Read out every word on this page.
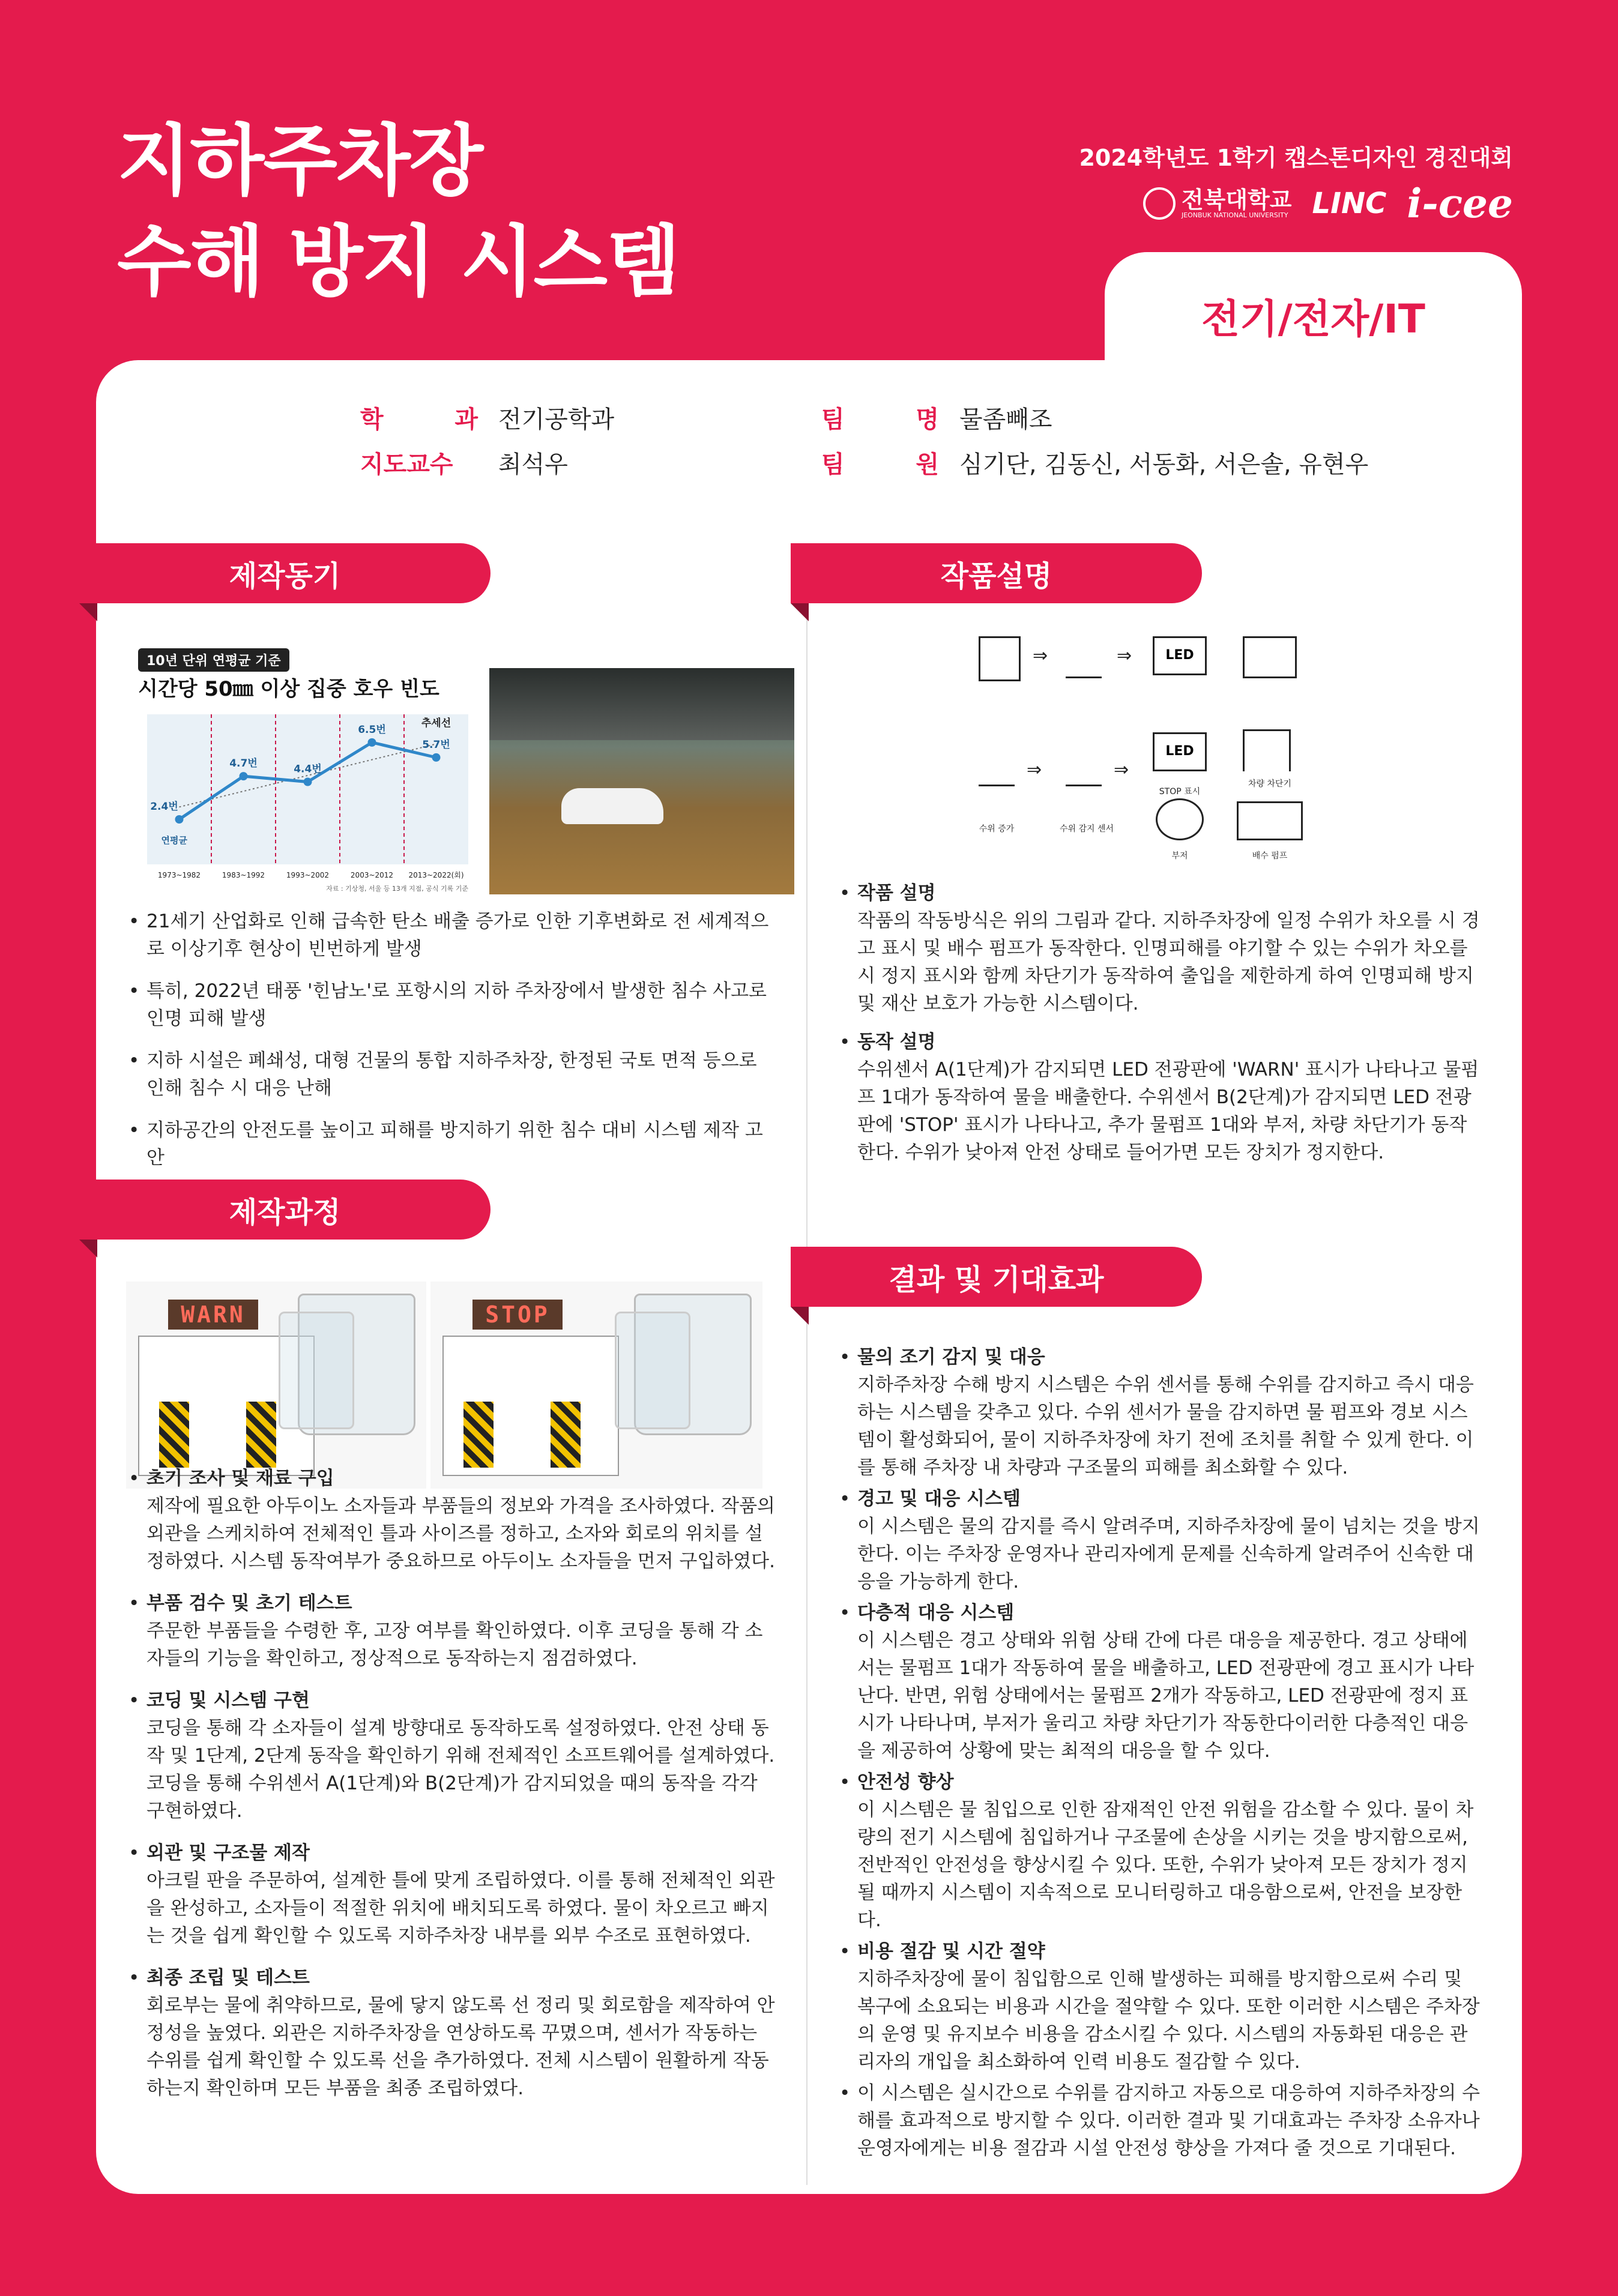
지하주차장
수해 방지 시스템
2024학년도 1학기 캡스톤디자인 경진대회
전북대학교
JEONBUK NATIONAL UNIVERSITY LINC i-cee
전기/전자/IT
학	과 전기공학과
지도교수	최석우
팀	명 물좀빼조
팀	원 심기단, 김동신, 서동화, 서은솔, 유현우
제작동기
제작과정
작품설명
결과 및 기대효과
10년 단위 연평균 기준
시간당 50㎜ 이상 집중 호우 빈도
2.4번
1973~1982
4.7번
1983~1992
4.4번
1993~2002
6.5번
2003~2012
5.7번
2013~2022(회)
연평균
추세선
자료 : 기상청, 서울 등 13개 지점, 공식 기록 기준
• 21세기 산업화로 인해 급속한 탄소 배출 증가로 인한 기후변화로 전 세계적으로 이상기후 현상이 빈번하게 발생
• 특히, 2022년 태풍 '힌남노'로 포항시의 지하 주차장에서 발생한 침수 사고로 인명 피해 발생
• 지하 시설은 폐쇄성, 대형 건물의 통합 지하주차장, 한정된 국토 면적 등으로 인해 침수 시 대응 난해
• 지하공간의 안전도를 높이고 피해를 방지하기 위한 침수 대비 시스템 제작 고안
WARN	STOP
• 초기 조사 및 재료 구입
제작에 필요한 아두이노 소자들과 부품들의 정보와 가격을 조사하였다. 작품의 외관을 스케치하여 전체적인 틀과 사이즈를 정하고, 소자와 회로의 위치를 설정하였다. 시스템 동작여부가 중요하므로 아두이노 소자들을 먼저 구입하였다.
• 부품 검수 및 초기 테스트
주문한 부품들을 수령한 후, 고장 여부를 확인하였다. 이후 코딩을 통해 각 소자들의 기능을 확인하고, 정상적으로 동작하는지 점검하였다.
• 코딩 및 시스템 구현
코딩을 통해 각 소자들이 설계 방향대로 동작하도록 설정하였다. 안전 상태 동작 및 1단계, 2단계 동작을 확인하기 위해 전체적인 소프트웨어를 설계하였다. 코딩을 통해 수위센서 A(1단계)와 B(2단계)가 감지되었을 때의 동작을 각각 구현하였다.
• 외관 및 구조물 제작
아크릴 판을 주문하여, 설계한 틀에 맞게 조립하였다. 이를 통해 전체적인 외관을 완성하고, 소자들이 적절한 위치에 배치되도록 하였다. 물이 차오르고 빠지는 것을 쉽게 확인할 수 있도록 지하주차장 내부를 외부 수조로 표현하였다.
• 최종 조립 및 테스트
회로부는 물에 취약하므로, 물에 닿지 않도록 선 정리 및 회로함을 제작하여 안정성을 높였다. 외관은 지하주차장을 연상하도록 꾸몄으며, 센서가 작동하는 수위를 쉽게 확인할 수 있도록 선을 추가하였다. 전체 시스템이 원활하게 작동하는지 확인하며 모든 부품을 최종 조립하였다.
⇒	⇒	LED
수위 증가
⇒
수위 감지 센서
⇒
LED
STOP 표시
차량 차단기
부저	배수 펌프
• 작품 설명
작품의 작동방식은 위의 그림과 같다. 지하주차장에 일정 수위가 차오를 시 경고 표시 및 배수 펌프가 동작한다. 인명피해를 야기할 수 있는 수위가 차오를 시 정지 표시와 함께 차단기가 동작하여 출입을 제한하게 하여 인명피해 방지 및 재산 보호가 가능한 시스템이다.
• 동작 설명
수위센서 A(1단계)가 감지되면 LED 전광판에 'WARN' 표시가 나타나고 물펌프 1대가 동작하여 물을 배출한다. 수위센서 B(2단계)가 감지되면 LED 전광판에 'STOP' 표시가 나타나고, 추가 물펌프 1대와 부저, 차량 차단기가 동작한다. 수위가 낮아져 안전 상태로 들어가면 모든 장치가 정지한다.
• 물의 조기 감지 및 대응
지하주차장 수해 방지 시스템은 수위 센서를 통해 수위를 감지하고 즉시 대응하는 시스템을 갖추고 있다. 수위 센서가 물을 감지하면 물 펌프와 경보 시스템이 활성화되어, 물이 지하주차장에 차기 전에 조치를 취할 수 있게 한다. 이를 통해 주차장 내 차량과 구조물의 피해를 최소화할 수 있다.
• 경고 및 대응 시스템
이 시스템은 물의 감지를 즉시 알려주며, 지하주차장에 물이 넘치는 것을 방지한다. 이는 주차장 운영자나 관리자에게 문제를 신속하게 알려주어 신속한 대응을 가능하게 한다.
• 다층적 대응 시스템
이 시스템은 경고 상태와 위험 상태 간에 다른 대응을 제공한다. 경고 상태에서는 물펌프 1대가 작동하여 물을 배출하고, LED 전광판에 경고 표시가 나타난다. 반면, 위험 상태에서는 물펌프 2개가 작동하고, LED 전광판에 정지 표시가 나타나며, 부저가 울리고 차량 차단기가 작동한다이러한 다층적인 대응을 제공하여 상황에 맞는 최적의 대응을 할 수 있다.
• 안전성 향상
이 시스템은 물 침입으로 인한 잠재적인 안전 위험을 감소할 수 있다. 물이 차량의 전기 시스템에 침입하거나 구조물에 손상을 시키는 것을 방지함으로써, 전반적인 안전성을 향상시킬 수 있다. 또한, 수위가 낮아져 모든 장치가 정지될 때까지 시스템이 지속적으로 모니터링하고 대응함으로써, 안전을 보장한다.
• 비용 절감 및 시간 절약
지하주차장에 물이 침입함으로 인해 발생하는 피해를 방지함으로써 수리 및 복구에 소요되는 비용과 시간을 절약할 수 있다. 또한 이러한 시스템은 주차장의 운영 및 유지보수 비용을 감소시킬 수 있다. 시스템의 자동화된 대응은 관리자의 개입을 최소화하여 인력 비용도 절감할 수 있다.
• 이 시스템은 실시간으로 수위를 감지하고 자동으로 대응하여 지하주차장의 수해를 효과적으로 방지할 수 있다. 이러한 결과 및 기대효과는 주차장 소유자나 운영자에게는 비용 절감과 시설 안전성 향상을 가져다 줄 것으로 기대된다.
